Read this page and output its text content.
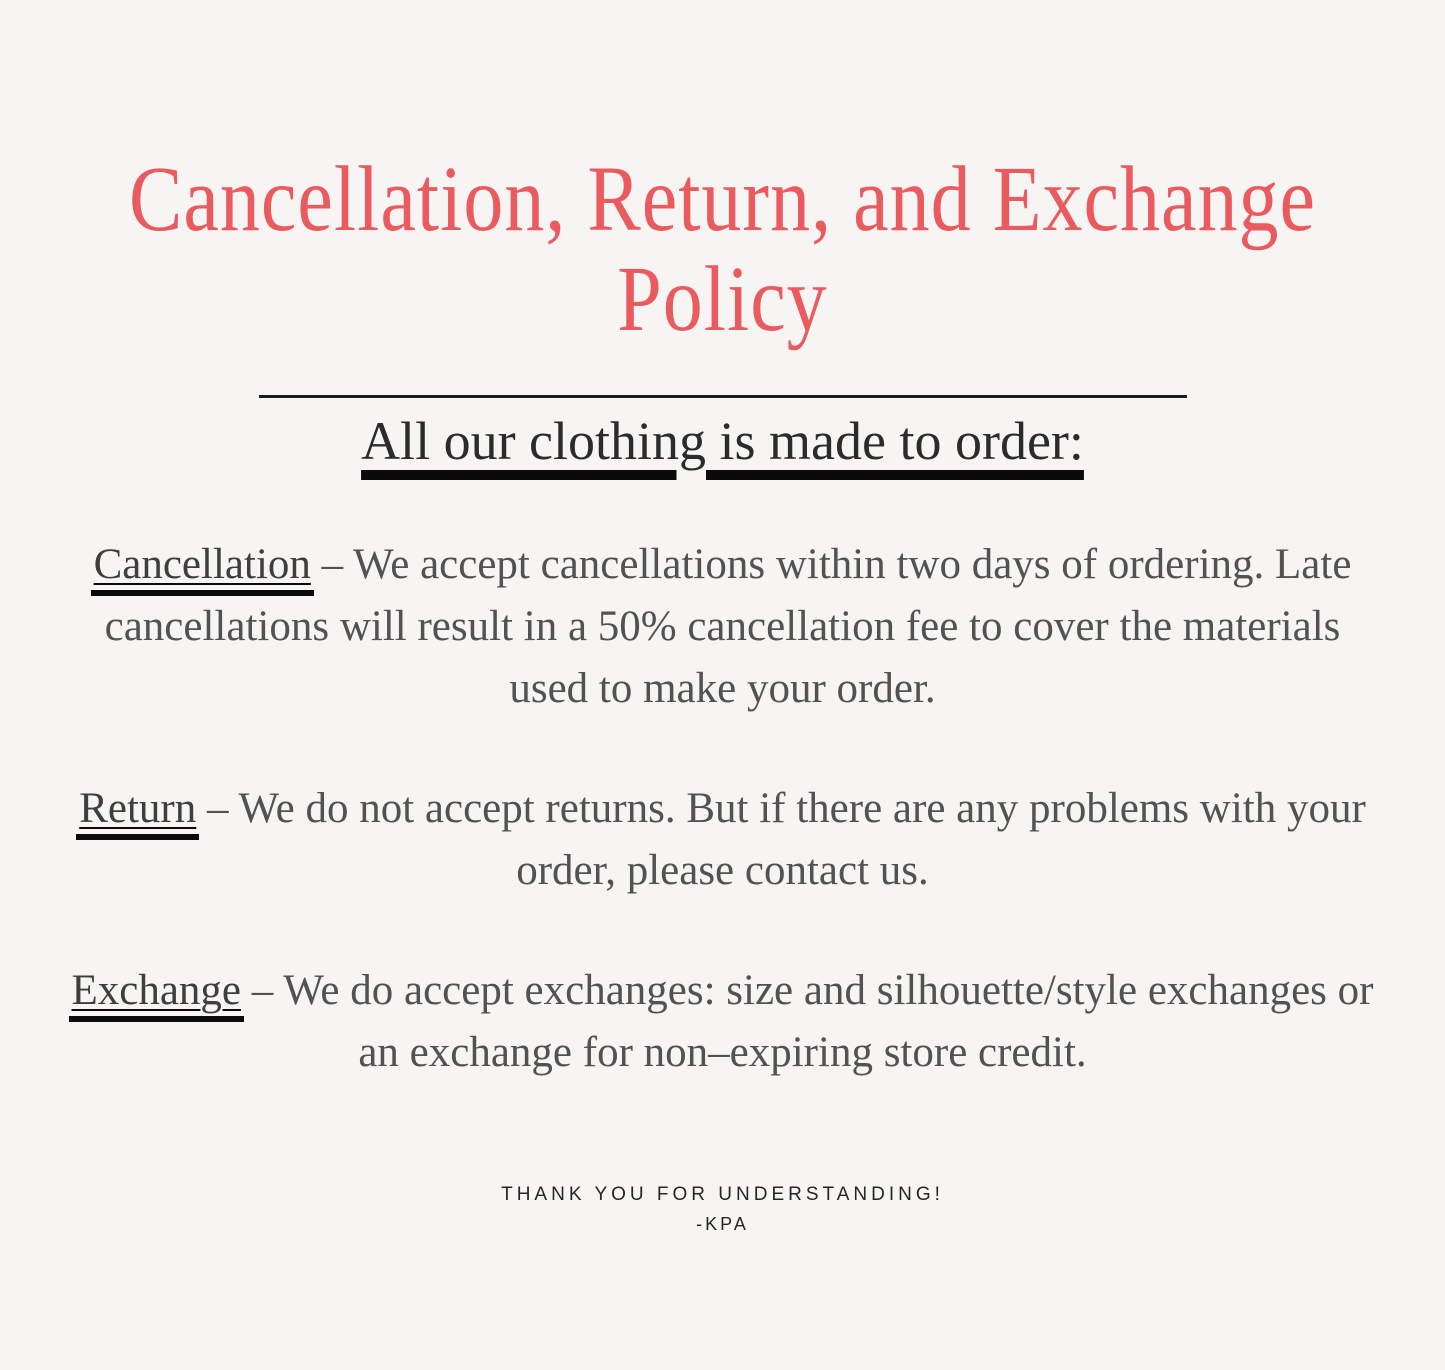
Cancellation, Return, and Exchange
Policy
All our clothing is made to order:

Cancellation – We accept cancellations within two days of ordering. Late cancellations will result in a 50% cancellation fee to cover the materials used to make your order.

Return – We do not accept returns. But if there are any problems with your order, please contact us.

Exchange – We do accept exchanges: size and silhouette/style exchanges or an exchange for non–expiring store credit.

THANK YOU FOR UNDERSTANDING!
-KPA
